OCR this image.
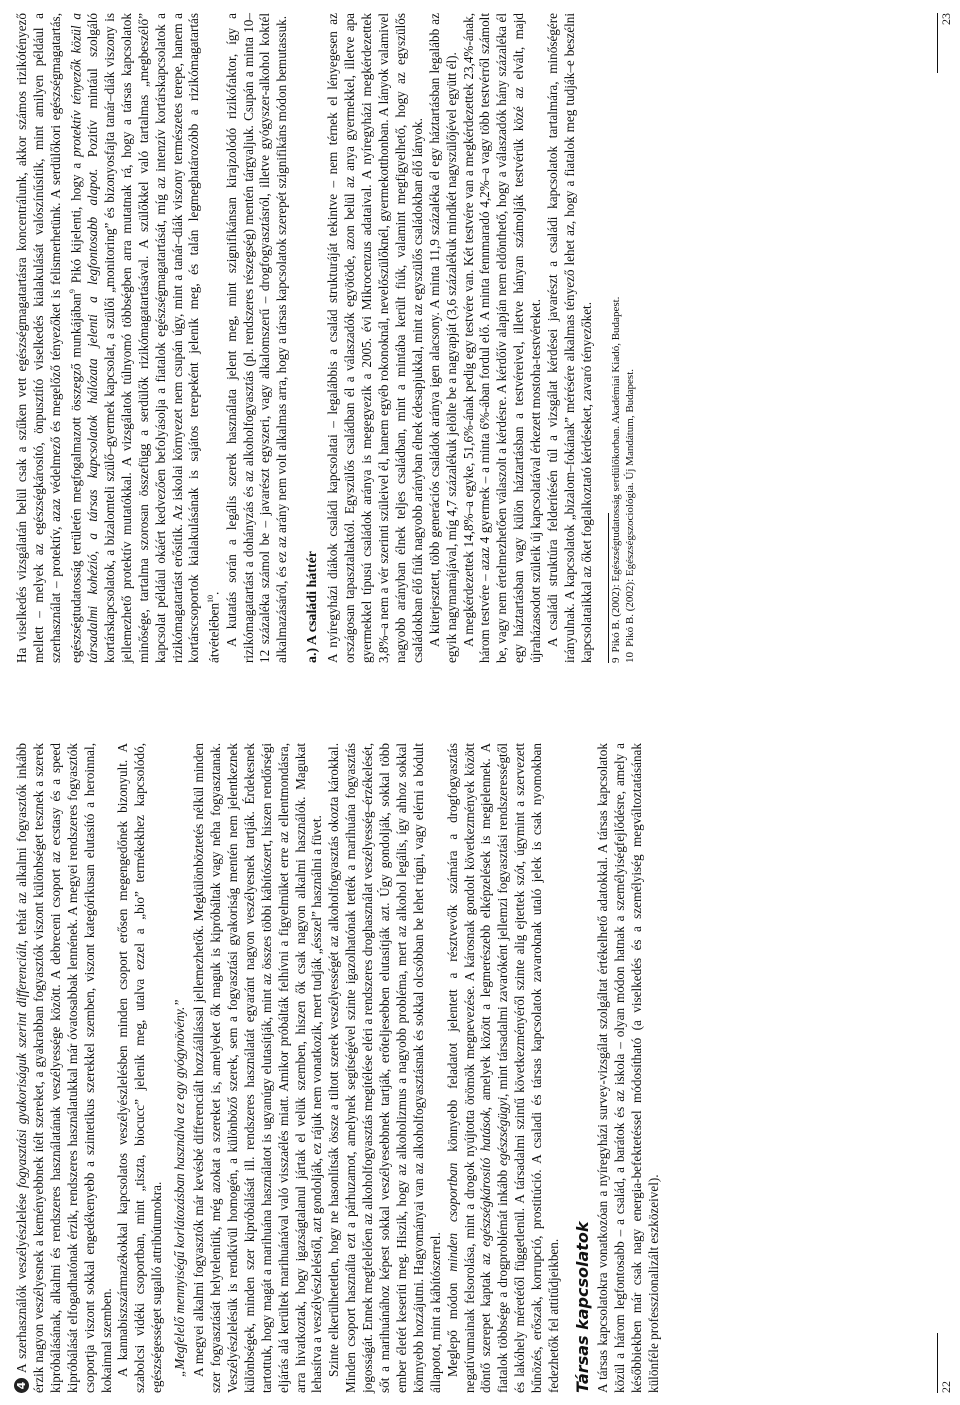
4A szerhasználók veszélyészlelése fogyasztási gyakoriságuk szerint differenciált, tehát az alkalmi fogyasztók inkább érzik nagyon veszélyesnek a keményebbnek ítélt szereket, a gyakrabban fogyasztók viszont különbséget tesznek a szerek kipróbálásának, alkalmi és rendszeres használatának veszélyessége között. A debreceni csoport az ecstasy és a speed kipróbálását elfogadhatónak érzik, rendszeres használatukkal már óvatosabbak lennének. A megyei rendszeres fogyasztók csoportja viszont sokkal engedékenyebb a szintetikus szerekkel szemben, viszont kategórikusan elutasító a heroinnal, kokainnal szemben. A kannabiszszármazékokkal kapcsolatos veszélyészlelésben minden csoport erősen megengedőnek bizonyult. A szabolcsi vidéki csoportban, mint „tiszta, biocucc” jelenik meg, utalva ezzel a „bio” termékekhez kapcsolódó, egészségességet sugalló attribútumokra. „Megfelelő mennyiségű korlátozásban használva ez egy gyógynövény.” A megyei alkalmi fogyasztók már kevésbé differenciált hozzáállással jellemezhetők. Megkülönböztetés nélkül minden szer fogyasztását helytelenítik, még azokat a szereket is, amelyeket ők maguk is kipróbáltak vagy néha fogyasztanak. Veszélyészlelésük is rendkívül homogén, a különböző szerek, sem a fogyasztási gyakoriság mentén nem jelentkeznek különbségek, minden szer kipróbálását ill. rendszeres használatát egyaránt nagyon veszélyesnek tartják. Érdekesnek tartottuk, hogy magát a marihuána használatot is ugyanúgy elutasítják, mint az összes többi kábítószert, hiszen rendőrségi eljárás alá kerültek marihuánával való visszaélés miatt. Amikor próbálták felhívni a figyelmüket erre az ellentmondásra, arra hivatkoztak, hogy igazságtalanul jártak el velük szemben, hiszen ők csak nagyon alkalmi használók. Magukat lehasítva a veszélyészleléstől, azt gondolják, ez rájuk nem vonatkozik, mert tudják „ésszel” használni a füvet. Szinte elkerülhetetlen, hogy ne hasonlítsák össze a tiltott szerek veszélyességét az alkoholfogyasztás okozta károkkal. Minden csoport használta ezt a párhuzamot, amelynek segítségével szinte igazolhatónak tették a marihuána fogyasztás jogosságát. Ennek megfelelően az alkoholfogyasztás megítélése eléri a rendszeres droghasználat veszélyesség–érzékelését, sőt a marihuánához képest sokkal veszélyesebbnek tartják, erőteljesebben elutasítják azt. Úgy gondolják, sokkal több ember életét keseríti meg. Hiszik, hogy az alkoholizmus a nagyobb probléma, mert az alkohol legális, így ahhoz sokkal könnyebb hozzájutni. Hagyományai van az alkoholfogyasztásnak és sokkal olcsóbban be lehet rúgni, vagy elérni a bódult állapotot, mint a kábítószerrel. Meglepő módon minden csoportban könnyebb feladatot jelentett a résztvevők számára a drogfogyasztás negatívumainak felsorolása, mint a drogok nyújtotta örömök megnevezése. A károsnak gondolt következmények között döntő szerepet kaptak az egészségkárosító hatások, amelyek között a legmerészebb elképzelések is megjelennek. A fiatalok többsége a drogproblémát inkább egészségügyi, mint társadalmi zavaróként jellemzi fogyasztási rendszerességtől és lakóhely méretétől függetlenül. A társadalmi szintű következményéről szinte alig ejtettek szót, úgymint a szervezett bűnözés, erőszak, korrupció, prostitúció. A csaladi és társas kapcsolatok zavaroknak utaló jelek is csak nyomokban fedezhetők fel attitűdjeikben. Társas kapcsolatok A társas kapcsolatokra vonatkozóan a nyíregyházi survey-vizsgálat szolgáltat értékelhető adatokkal. A társas kapcsolatok közül a három legfontosabb – a család, a barátok és az iskola – olyan módon hatnak a személyiségfejlődésre, amely a későbbiekben már csak nagy energia-befektetéssel módosítható (a viselkedés és a személyiség megváltoztatásának különféle professzionalizált eszközeivel).	22

Ha viselkedés vizsgálatán belül csak a szűken vett egészségmagatartásra koncentrálunk, akkor számos rizikótényező mellett – melyek az egészségkárosító, önpusztító viselkedés kialakulását valószínűsítik, mint amilyen például a szerhasználat – protektív, azaz védelmező és megelőző tényezőket is felismerhetünk. A serdülőkori egészségmagatartás, egészségtudatosság területén megfogalmazott összegző munkájában$^9$ Pikó kijelenti, hogy a protektív tényezők közül a társadalmi kohézió, a társas kapcsolatok hálózata jelenti a legfontosabb alapot. Pozitív mintául szolgáló kortárskapcsolatok, a bizalomteli szülő–gyermek kapcsolat, a szülői „monitoring” és bizonyosfajta tanár–diák viszony is jellemezhető protektív mutatókkal. A vizsgálatok túlnyomó többségben arra mutatnak rá, hogy a társas kapcsolatok minősége, tartalma szorosan összefügg a serdülők rizikómagatartásával. A szülőkkel való tartalmas „megbeszélő” kapcsolat például okáért kedvezően befolyásolja a fiatalok egészségmagatartását, míg az intenzív kortárskapcsolatok a rizikómagatartást erősítik. Az iskolai környezet nem csupán úgy, mint a tanár–diák viszony természetes terepe, hanem a kortárscsoportok kialakulásának is sajátos terepeként jelenik meg, és talán legmeghatározóbb a rizikómagatartás átvételében$^{10}$. A kutatás során a legális szerek használata jelent meg, mint szignifikánsan kirajzolódó rizikófaktor, így a rizikómagatartást a dohányzás és az alkoholfogyasztás (pl. rendszeres részegség) mentén tárgyaljuk. Csupán a minta 10–12 százaléka számol be – javarészt egyszeri, vagy alkalomszerű – drogfogyasztásról, illetve gyógyszer-alkohol koktél alkalmazásáról, és ez az arány nem volt alkalmas arra, hogy a társas kapcsolatok szerepét szignifikáns módon bemutassuk. a.) A családi háttér A nyíregyházi diákok családi kapcsolatai – legalábbis a család strukturáját tekintve – nem térnek el lényegesen az országosan tapasztaltaktól. Egyszülős családban él a válaszadók egyötöde, azon belül az anya gyermekkel, illetve apa gyermekkel típusú családok aránya is megegyezik a 2005. évi Mikrocenzus adataival. A nyíregyházi megkérdezettek 3,8%–a nem a vér szerinti szüleivel él, hanem egyéb rokonoknál, nevelőszülőknél, gyermekotthonban. A lányok valamivel nagyobb arányban élnek teljes családban, mint a mintába került fiúk, valamint megfigyelhető, hogy az egyszülős családokban élő fiúk nagyobb arányban élnek édesapjukkal, mint az egyszülős családokban élő lányok. A kiterjesztett, több generációs családok aránya igen alacsony. A minta 11,9 százaléka él egy háztartásban legalább az egyik nagymamájával, míg 4,7 százalékuk jelölte be a nagyapját (3,6 százalékuk mindkét nagyszülőjével együtt él). A megkérdezettek 14,8%–a egyke, 51,6%-ának pedig egy testvére van. Két testvére van a megkérdezettek 23,4%-ának, három testvére – azaz 4 gyermek – a minta 6%-ában fordul elő. A minta fennmaradó 4,2%–a vagy több testvérről számolt be, vagy nem értelmezhetően válaszolt a kérdésre. A kérdőív alapján nem eldönthető, hogy a válaszadók hány százaléka él egy háztartásban vagy külön háztartásban a testvéreivel, illetve hányan számolják testvérük közé az elvált, majd újraházasodott szüleik új kapcsolatával érkezett mostoha-testvéreket. A családi struktúra felderítésén túl a vizsgálat kérdései javarészt a családi kapcsolatok tartalmára, minőségére irányulnak. A kapcsolatok „bizalom–fokának” mérésére alkalmas tényező lehet az, hogy a fiatalok meg tudják–e beszélni kapcsolataikkal az őket foglalkoztató kérdéseket, zavaró tényezőket. 9Pikó B. (2002): Egészségtudatosság serdülőkorban. Akadémiai Kiadó, Budapest.
10Pikó B. (2002): Egészségszociológia. Új Mandátum, Budapest.
23
